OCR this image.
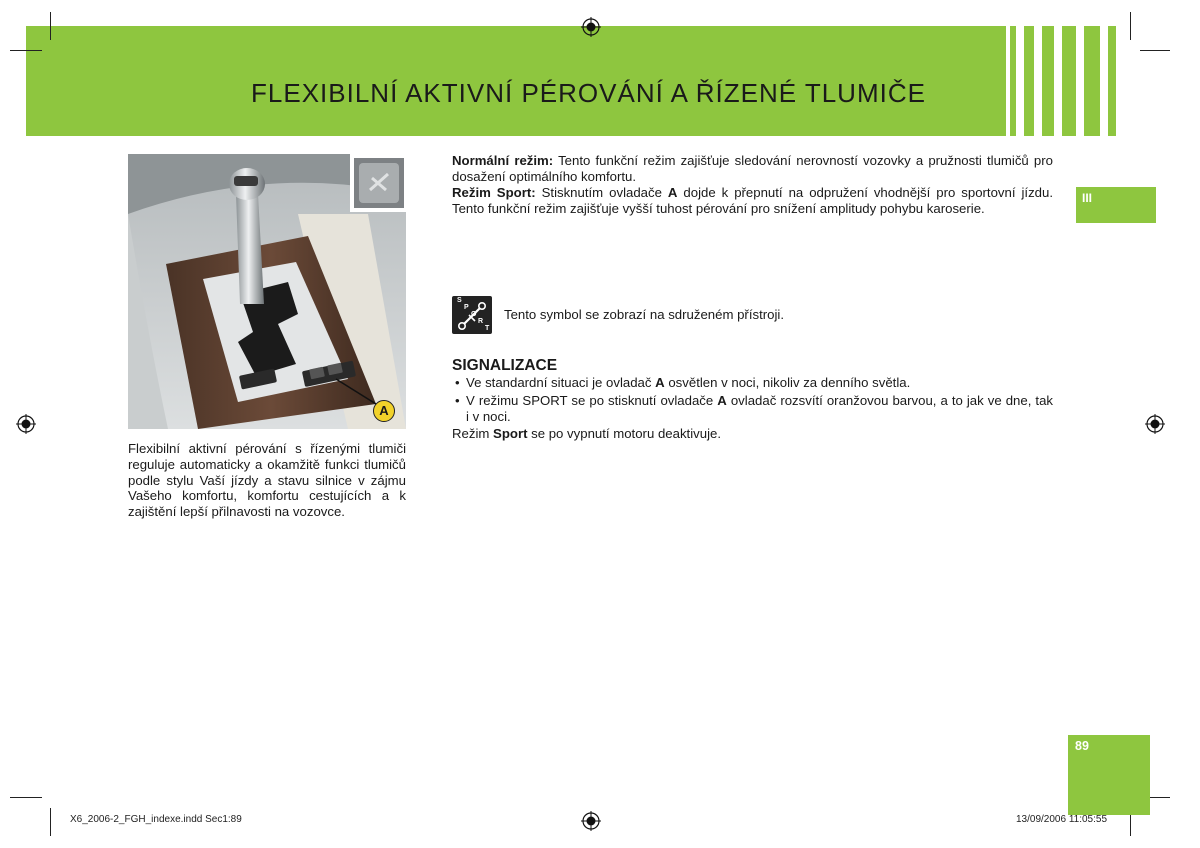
FLEXIBILNÍ AKTIVNÍ PÉROVÁNÍ A ŘÍZENÉ TLUMIČE
A
Flexibilní aktivní pérování s řízenými tlumiči reguluje automaticky a okamžitě funkci tlumičů podle stylu Vaší jízdy a stavu silnice v zájmu Vašeho komfortu, komfortu cestujících a k zajištění lepší přilnavosti na vozovce.
Normální režim: Tento funkční režim zajišťuje sledování nerovností vozovky a pružnosti tlumičů pro dosažení optimálního komfortu.
Režim Sport: Stisknutím ovladače A dojde k přepnutí na odpružení vhodnější pro sportovní jízdu. Tento funkční režim zajišťuje vyšší tuhost pérování pro snížení amplitudy pohybu karoserie.
S
P
O
R
T
Tento symbol se zobrazí na sdruženém přístroji.
SIGNALIZACE
• Ve standardní situaci je ovladač A osvětlen v noci, nikoliv za denního světla.
• V režimu SPORT se po stisknutí ovladače A ovladač rozsvítí oranžovou barvou, a to jak ve dne, tak i v noci.
Režim Sport se po vypnutí motoru deaktivuje.
III
89
X6_2006-2_FGH_indexe.indd Sec1:89	13/09/2006 11:05:55
